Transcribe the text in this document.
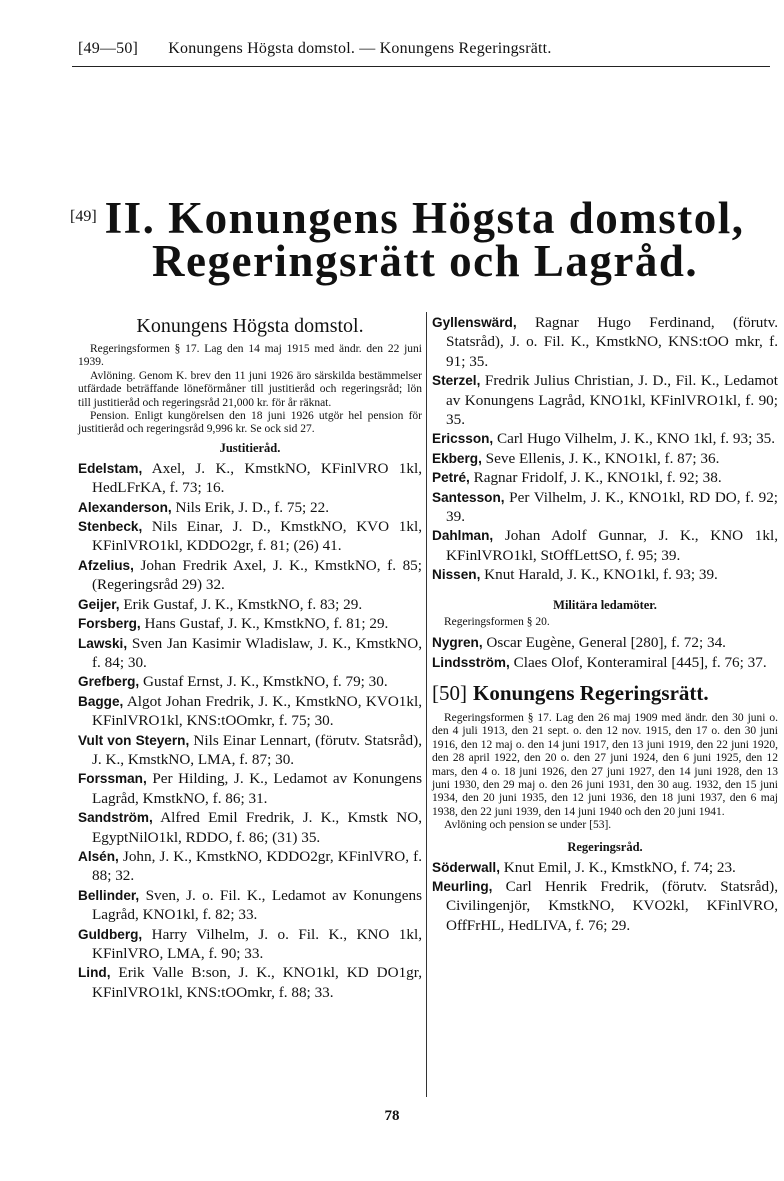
[49—50] Konungens Högsta domstol. — Konungens Regeringsrätt.
[49] II. Konungens Högsta domstol,
Regeringsrätt och Lagråd.
Konungens Högsta domstol.

Regeringsformen § 17. Lag den 14 maj 1915 med ändr. den 22 juni 1939.

Avlöning. Genom K. brev den 11 juni 1926 äro särskilda bestämmelser utfärdade beträffande löneförmåner till justitieråd och regeringsråd; lön till justitieråd och regeringsråd 21,000 kr. för år räknat.

Pension. Enligt kungörelsen den 18 juni 1926 utgör hel pension för justitieråd och regeringsråd 9,996 kr. Se ock sid 27.

Justitieråd.

Edelstam, Axel, J. K., KmstkNO, KFinlVRO 1kl, HedLFrKA, f. 73; 16.

Alexanderson, Nils Erik, J. D., f. 75; 22.

Stenbeck, Nils Einar, J. D., KmstkNO, KVO 1kl, KFinlVRO1kl, KDDO2gr, f. 81; (26) 41.

Afzelius, Johan Fredrik Axel, J. K., KmstkNO, f. 85; (Regeringsråd 29) 32.

Geijer, Erik Gustaf, J. K., KmstkNO, f. 83; 29.

Forsberg, Hans Gustaf, J. K., KmstkNO, f. 81; 29.

Lawski, Sven Jan Kasimir Wladislaw, J. K., KmstkNO, f. 84; 30.

Grefberg, Gustaf Ernst, J. K., KmstkNO, f. 79; 30.

Bagge, Algot Johan Fredrik, J. K., KmstkNO, KVO1kl, KFinlVRO1kl, KNS:tOOmkr, f. 75; 30.

Vult von Steyern, Nils Einar Lennart, (förutv. Statsråd), J. K., KmstkNO, LMA, f. 87; 30.

Forssman, Per Hilding, J. K., Ledamot av Konungens Lagråd, KmstkNO, f. 86; 31.

Sandström, Alfred Emil Fredrik, J. K., Kmstk NO, EgyptNilO1kl, RDDO, f. 86; (31) 35.

Alsén, John, J. K., KmstkNO, KDDO2gr, KFinlVRO, f. 88; 32.

Bellinder, Sven, J. o. Fil. K., Ledamot av Konungens Lagråd, KNO1kl, f. 82; 33.

Guldberg, Harry Vilhelm, J. o. Fil. K., KNO 1kl, KFinlVRO, LMA, f. 90; 33.

Lind, Erik Valle B:son, J. K., KNO1kl, KD DO1gr, KFinlVRO1kl, KNS:tOOmkr, f. 88; 33.

Gyllenswärd, Ragnar Hugo Ferdinand, (förutv. Statsråd), J. o. Fil. K., KmstkNO, KNS:tOO mkr, f. 91; 35.

Sterzel, Fredrik Julius Christian, J. D., Fil. K., Ledamot av Konungens Lagråd, KNO1kl, KFinlVRO1kl, f. 90; 35.

Ericsson, Carl Hugo Vilhelm, J. K., KNO 1kl, f. 93; 35.

Ekberg, Seve Ellenis, J. K., KNO1kl, f. 87; 36.

Petré, Ragnar Fridolf, J. K., KNO1kl, f. 92; 38.

Santesson, Per Vilhelm, J. K., KNO1kl, RD DO, f. 92; 39.

Dahlman, Johan Adolf Gunnar, J. K., KNO 1kl, KFinlVRO1kl, StOffLettSO, f. 95; 39.

Nissen, Knut Harald, J. K., KNO1kl, f. 93; 39.

Militära ledamöter.

Regeringsformen § 20.

Nygren, Oscar Eugène, General [280], f. 72; 34.

Lindsström, Claes Olof, Konteramiral [445], f. 76; 37.

[50] Konungens Regeringsrätt.

Regeringsformen § 17. Lag den 26 maj 1909 med ändr. den 30 juni o. den 4 juli 1913, den 21 sept. o. den 12 nov. 1915, den 17 o. den 30 juni 1916, den 12 maj o. den 14 juni 1917, den 13 juni 1919, den 22 juni 1920, den 28 april 1922, den 20 o. den 27 juni 1924, den 6 juni 1925, den 12 mars, den 4 o. 18 juni 1926, den 27 juni 1927, den 14 juni 1928, den 13 juni 1930, den 29 maj o. den 26 juni 1931, den 30 aug. 1932, den 15 juni 1934, den 20 juni 1935, den 12 juni 1936, den 18 juni 1937, den 6 maj 1938, den 22 juni 1939, den 14 juni 1940 och den 20 juni 1941.

Avlöning och pension se under [53].

Regeringsråd.

Söderwall, Knut Emil, J. K., KmstkNO, f. 74; 23.

Meurling, Carl Henrik Fredrik, (förutv. Statsråd), Civilingenjör, KmstkNO, KVO2kl, KFinlVRO, OffFrHL, HedLIVA, f. 76; 29.

78
